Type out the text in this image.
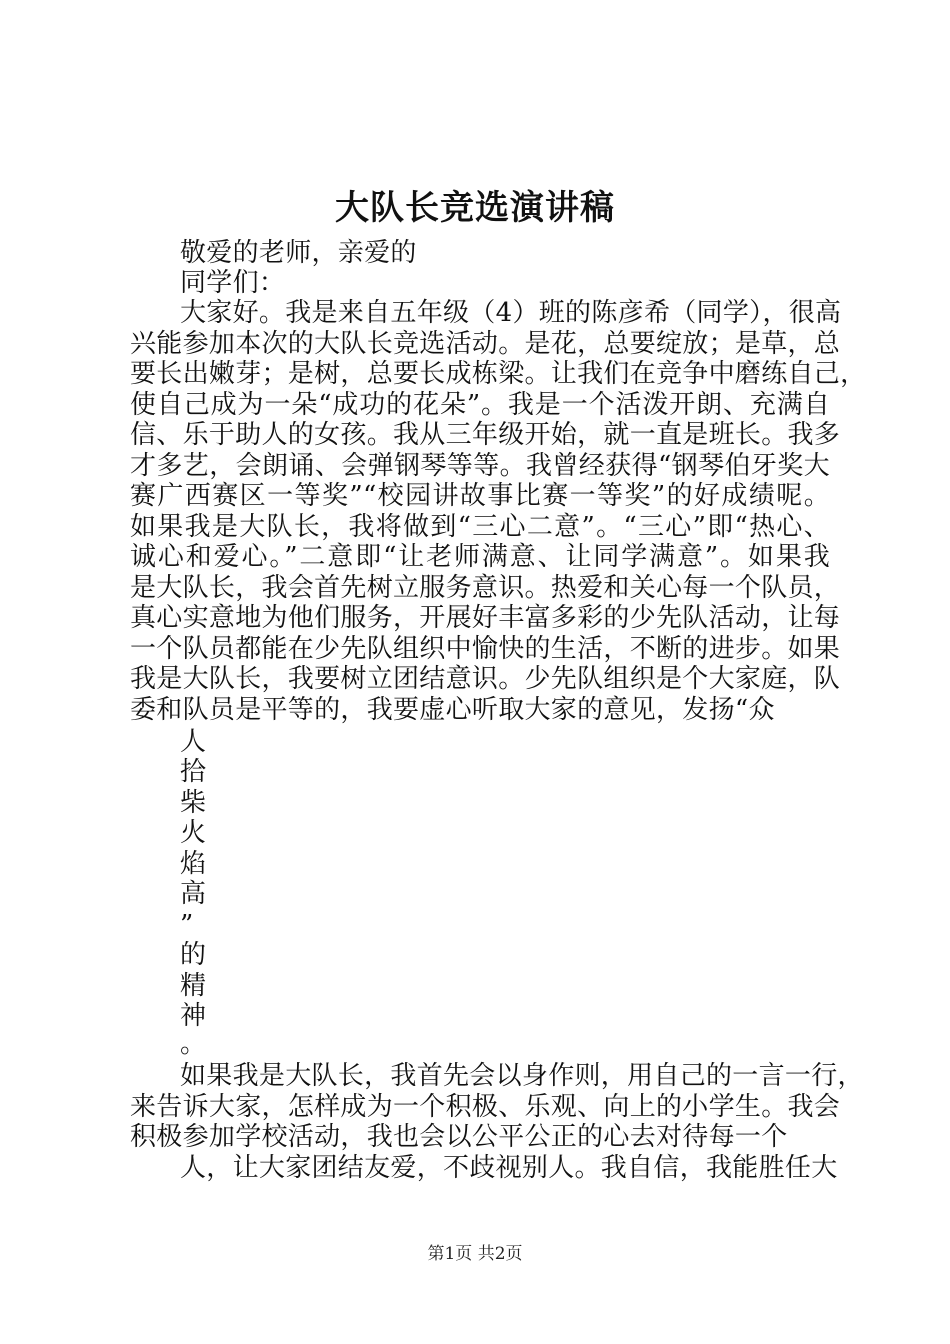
大队长竞选演讲稿
敬爱的老师，亲爱的
同学们：
大家好。我是来自五年级（4）班的陈彦希（同学），很高
兴能参加本次的大队长竞选活动。是花，总要绽放；是草，总
要长出嫩芽；是树，总要长成栋梁。让我们在竞争中磨练自己，
使自己成为一朵“成功的花朵”。我是一个活泼开朗、充满自
信、乐于助人的女孩。我从三年级开始，就一直是班长。我多
才多艺，会朗诵、会弹钢琴等等。我曾经获得“钢琴伯牙奖大
赛广西赛区一等奖”“校园讲故事比赛一等奖”的好成绩呢。
如果我是大队长，我将做到“三心二意”。“三心”即“热心、
诚心和爱心。”二意即“让老师满意、让同学满意”。如果我
是大队长，我会首先树立服务意识。热爱和关心每一个队员，
真心实意地为他们服务，开展好丰富多彩的少先队活动，让每
一个队员都能在少先队组织中愉快的生活，不断的进步。如果
我是大队长，我要树立团结意识。少先队组织是个大家庭，队
委和队员是平等的，我要虚心听取大家的意见，发扬“众
人
拾
柴
火
焰
高
”
的
精
神
。
如果我是大队长，我首先会以身作则，用自己的一言一行，
来告诉大家，怎样成为一个积极、乐观、向上的小学生。我会
积极参加学校活动，我也会以公平公正的心去对待每一个
人，让大家团结友爱，不歧视别人。我自信，我能胜任大
第1页 共2页
